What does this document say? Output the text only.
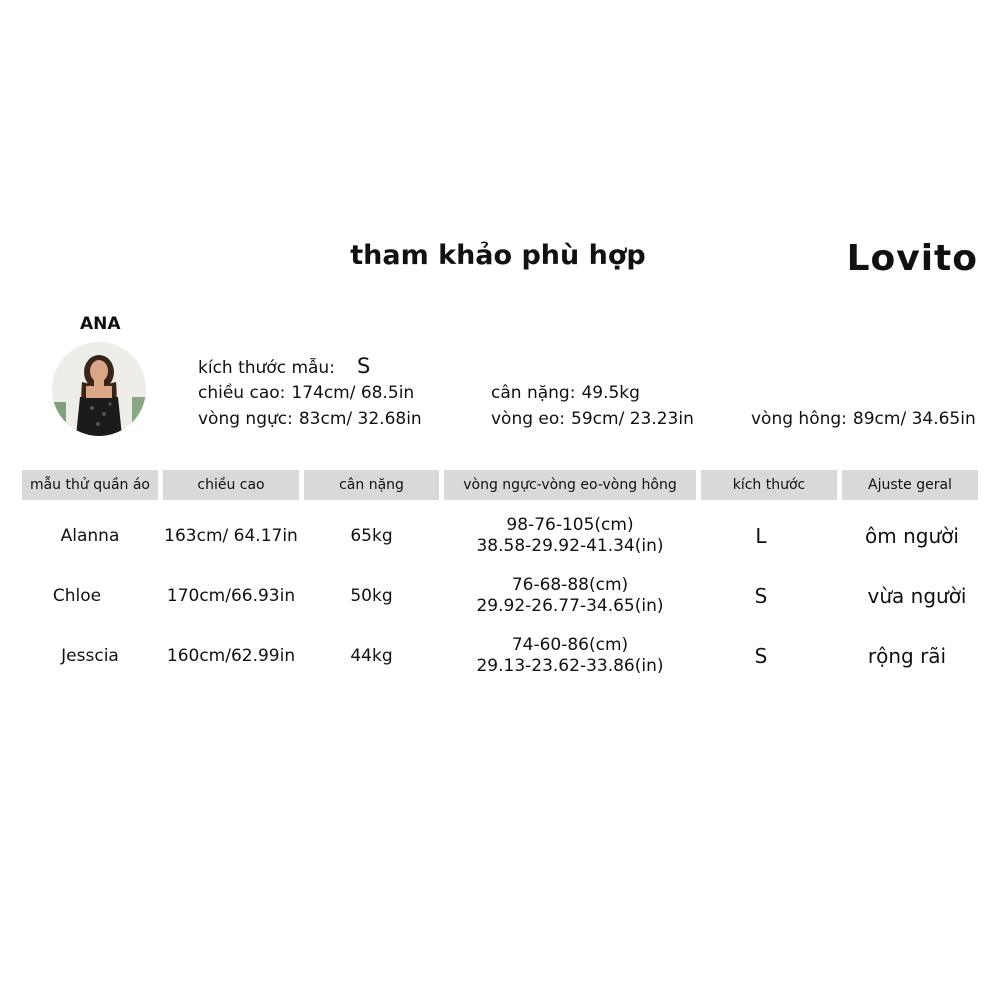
tham khảo phù hợp	Lovito
ANA
kích thước mẫu: S
chiều cao: 174cm/ 68.5in	cân nặng: 49.5kg
vòng ngực: 83cm/ 32.68in	vòng eo: 59cm/ 23.23in	vòng hông: 89cm/ 34.65in
mẫu thử quần áo	chiều cao	cân nặng	vòng ngực-vòng eo-vòng hông	kích thước	Ajuste geral
Alanna	163cm/ 64.17in	65kg
98-76-105(cm)
38.58-29.92-41.34(in)	L	ôm người
Chloe	170cm/66.93in	50kg
76-68-88(cm)
29.92-26.77-34.65(in)	S	vừa người
Jesscia	160cm/62.99in	44kg
74-60-86(cm)
29.13-23.62-33.86(in)	S	rộng rãi
